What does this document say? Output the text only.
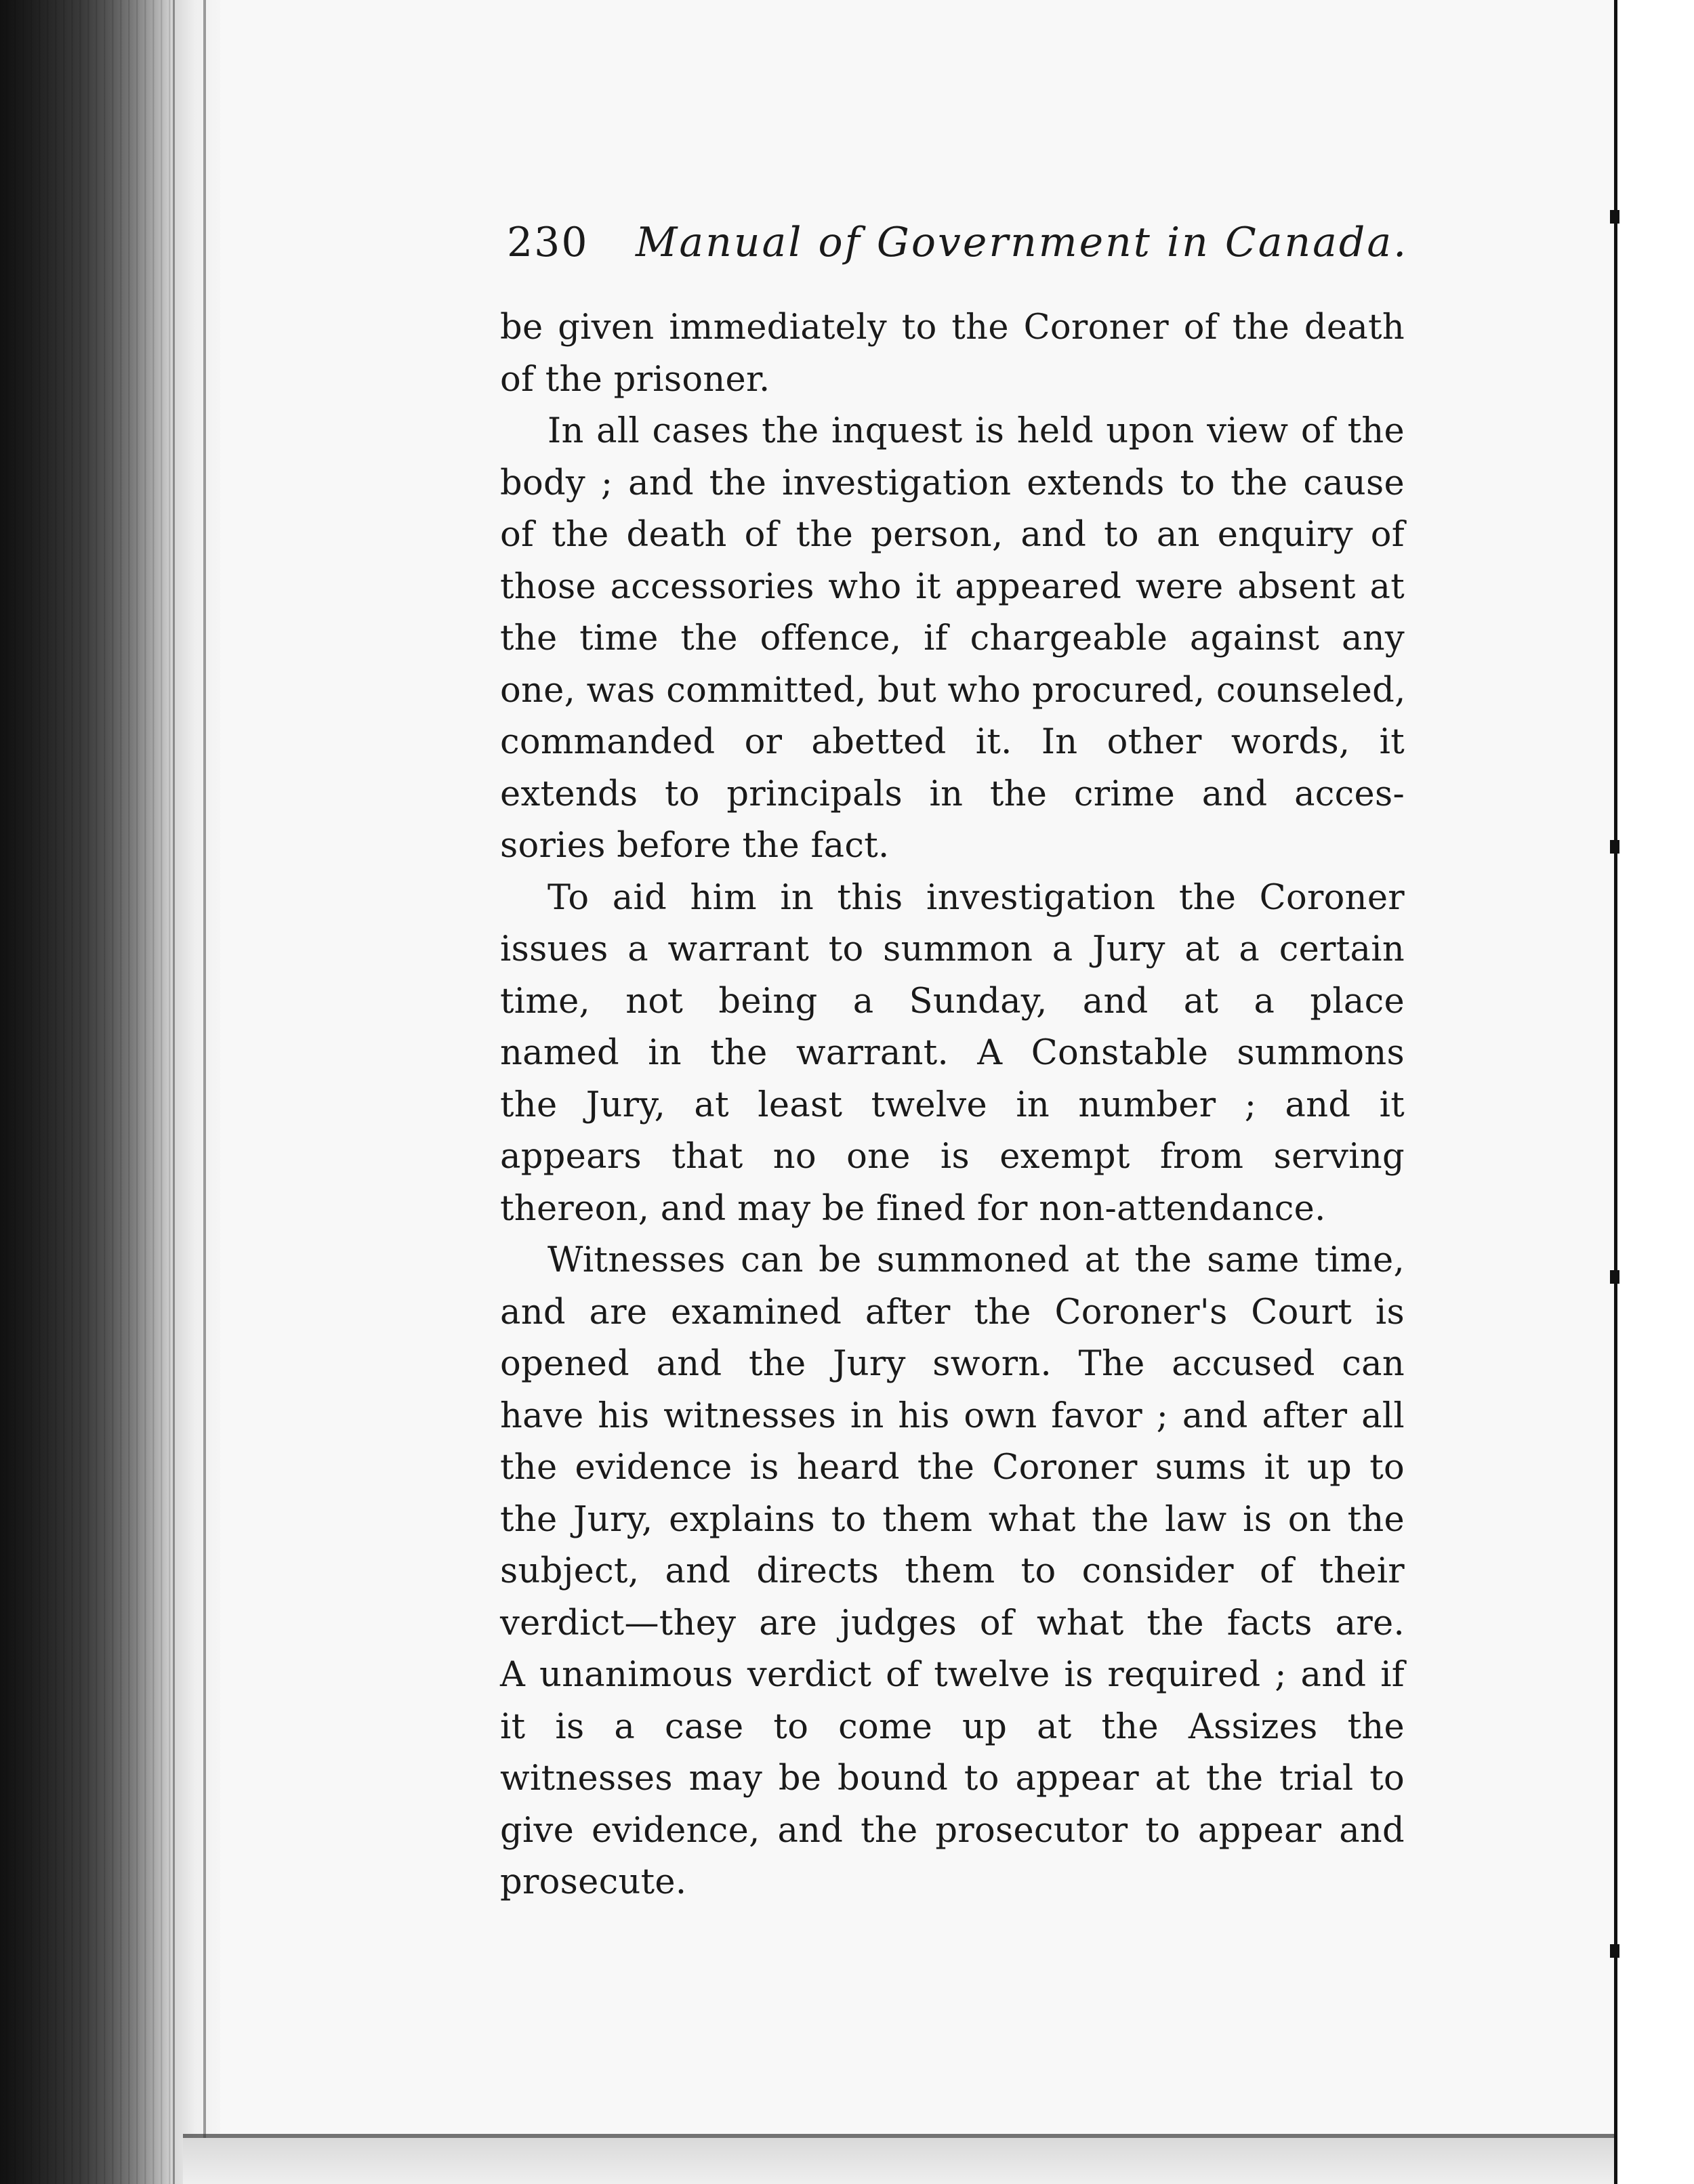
230 Manual of Government in Canada.
be given immediately to the Coroner of the death
of the prisoner.
In all cases the inquest is held upon view of the
body ; and the investigation extends to the cause
of the death of the person, and to an enquiry of
those accessories who it appeared were absent at
the time the offence, if chargeable against any
one, was committed, but who procured, counseled,
commanded or abetted it. In other words, it
extends to principals in the crime and acces-
sories before the fact.
To aid him in this investigation the Coroner
issues a warrant to summon a Jury at a certain
time, not being a Sunday, and at a place
named in the warrant. A Constable summons
the Jury, at least twelve in number ; and it
appears that no one is exempt from serving
thereon, and may be fined for non-attendance.
Witnesses can be summoned at the same time,
and are examined after the Coroner's Court is
opened and the Jury sworn. The accused can
have his witnesses in his own favor ; and after all
the evidence is heard the Coroner sums it up to
the Jury, explains to them what the law is on the
subject, and directs them to consider of their
verdict—they are judges of what the facts are.
A unanimous verdict of twelve is required ; and if
it is a case to come up at the Assizes the
witnesses may be bound to appear at the trial to
give evidence, and the prosecutor to appear and
prosecute.
